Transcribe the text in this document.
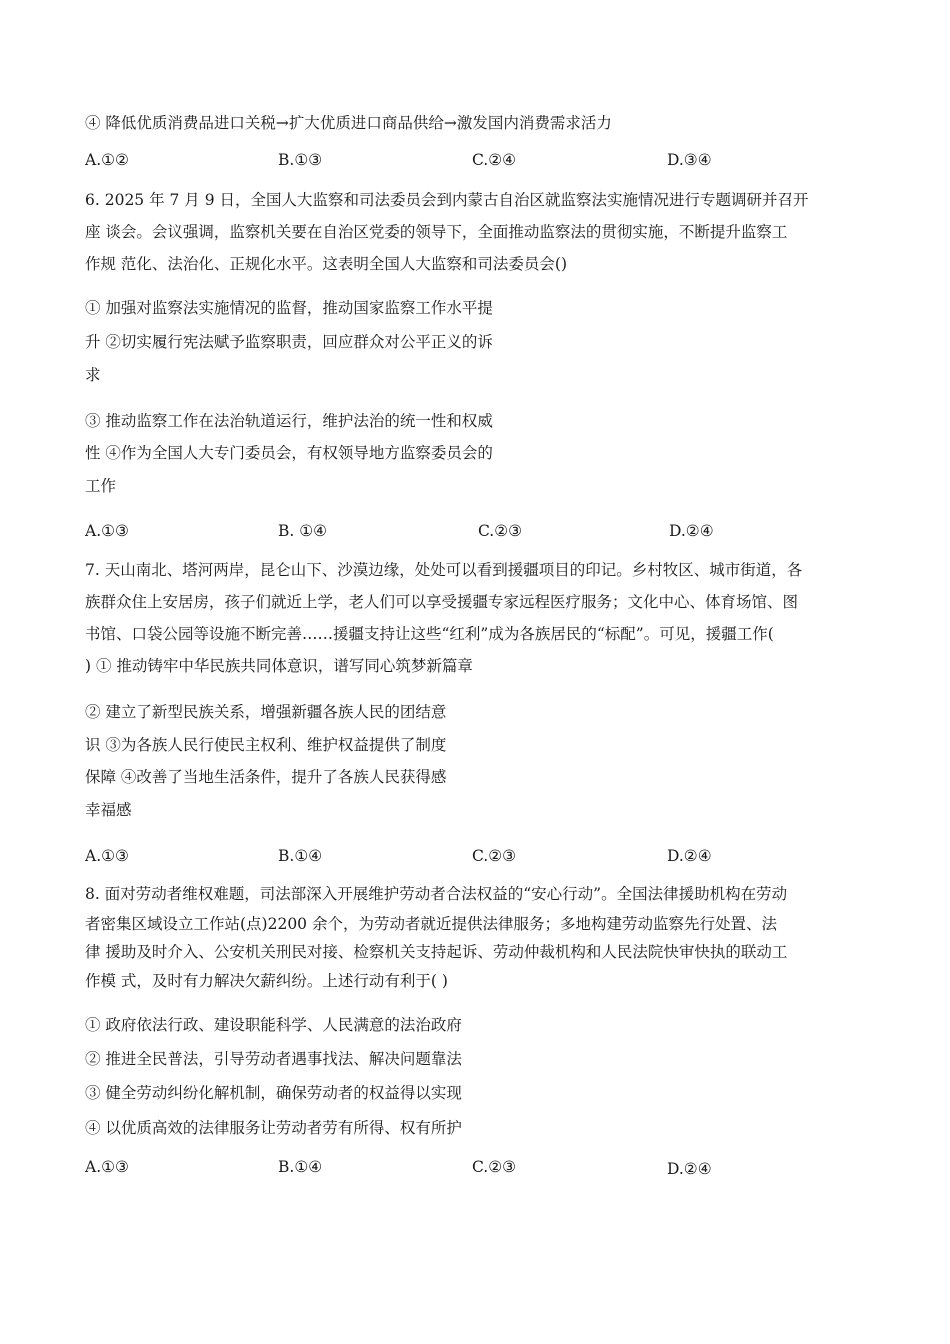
④ 降低优质消费品进口关税→扩大优质进口商品供给→激发国内消费需求活力
A.①②	B.①③	C.②④	D.③④
6. 2025 年 7 月 9 日，全国人大监察和司法委员会到内蒙古自治区就监察法实施情况进行专题调研并召开
座 谈会。会议强调，监察机关要在自治区党委的领导下，全面推动监察法的贯彻实施，不断提升监察工
作规 范化、法治化、正规化水平。这表明全国人大监察和司法委员会()
① 加强对监察法实施情况的监督，推动国家监察工作水平提
升 ②切实履行宪法赋予监察职责，回应群众对公平正义的诉
求
③ 推动监察工作在法治轨道运行，维护法治的统一性和权威
性 ④作为全国人大专门委员会，有权领导地方监察委员会的
工作
A.①③	B. ①④	C.②③	D.②④
7. 天山南北、塔河两岸，昆仑山下、沙漠边缘，处处可以看到援疆项目的印记。乡村牧区、城市街道，各
族群众住上安居房，孩子们就近上学，老人们可以享受援疆专家远程医疗服务；文化中心、体育场馆、图
书馆、口袋公园等设施不断完善……援疆支持让这些“红利”成为各族居民的“标配”。可见，援疆工作(
) ① 推动铸牢中华民族共同体意识，谱写同心筑梦新篇章
② 建立了新型民族关系，增强新疆各族人民的团结意
识 ③为各族人民行使民主权利、维护权益提供了制度
保障 ④改善了当地生活条件，提升了各族人民获得感
幸福感
A.①③	B.①④	C.②③	D.②④
8. 面对劳动者维权难题，司法部深入开展维护劳动者合法权益的“安心行动”。全国法律援助机构在劳动
者密集区域设立工作站(点)2200 余个，为劳动者就近提供法律服务；多地构建劳动监察先行处置、法
律 援助及时介入、公安机关刑民对接、检察机关支持起诉、劳动仲裁机构和人民法院快审快执的联动工
作模 式，及时有力解决欠薪纠纷。上述行动有利于( )
① 政府依法行政、建设职能科学、人民满意的法治政府
② 推进全民普法，引导劳动者遇事找法、解决问题靠法
③ 健全劳动纠纷化解机制，确保劳动者的权益得以实现
④ 以优质高效的法律服务让劳动者劳有所得、权有所护
A.①③	B.①④	C.②③	D.②④
